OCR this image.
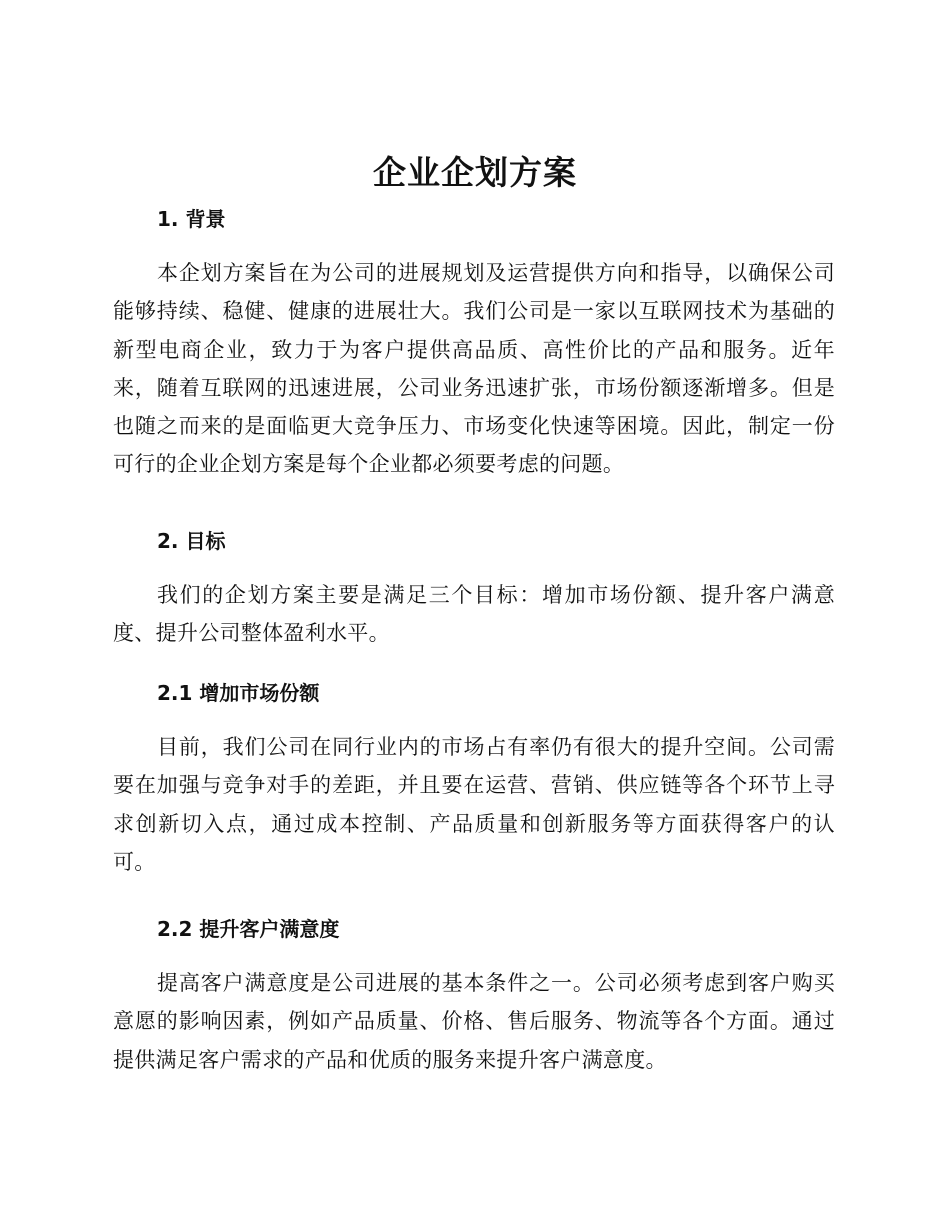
企业企划方案
1. 背景

本企划方案旨在为公司的进展规划及运营提供方向和指导，以确保公司能够持续、稳健、健康的进展壮大。我们公司是一家以互联网技术为基础的新型电商企业，致力于为客户提供高品质、高性价比的产品和服务。近年来，随着互联网的迅速进展，公司业务迅速扩张，市场份额逐渐增多。但是也随之而来的是面临更大竞争压力、市场变化快速等困境。因此，制定一份可行的企业企划方案是每个企业都必须要考虑的问题。

2. 目标

我们的企划方案主要是满足三个目标：增加市场份额、提升客户满意度、提升公司整体盈利水平。

2.1 增加市场份额

目前，我们公司在同行业内的市场占有率仍有很大的提升空间。公司需要在加强与竞争对手的差距，并且要在运营、营销、供应链等各个环节上寻求创新切入点，通过成本控制、产品质量和创新服务等方面获得客户的认可。

2.2 提升客户满意度

提高客户满意度是公司进展的基本条件之一。公司必须考虑到客户购买意愿的影响因素，例如产品质量、价格、售后服务、物流等各个方面。通过提供满足客户需求的产品和优质的服务来提升客户满意度。
